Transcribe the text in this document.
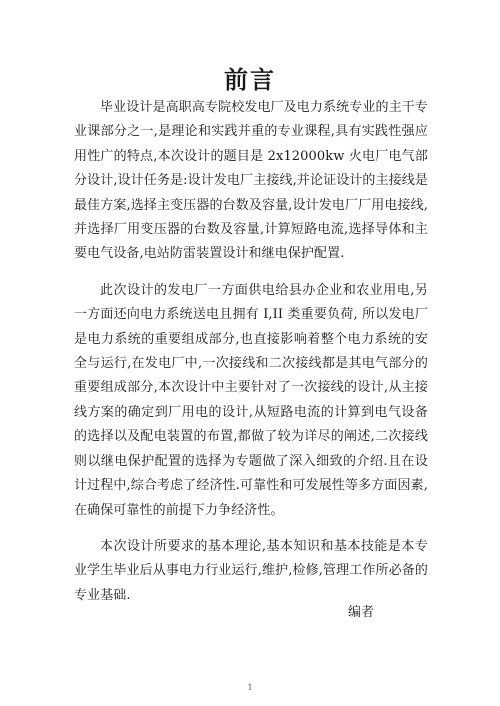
前言

毕业设计是高职高专院校发电厂及电力系统专业的主干专业课部分之一,是理论和实践并重的专业课程,具有实践性强应用性广的特点,本次设计的题目是 2x12000kw 火电厂电气部分设计,设计任务是:设计发电厂主接线,并论证设计的主接线是最佳方案,选择主变压器的台数及容量,设计发电厂厂用电接线,并选择厂用变压器的台数及容量,计算短路电流,选择导体和主要电气设备,电站防雷装置设计和继电保护配置.

此次设计的发电厂一方面供电给县办企业和农业用电,另一方面还向电力系统送电且拥有 I,II 类重要负荷, 所以发电厂是电力系统的重要组成部分,也直接影响着整个电力系统的安全与运行,在发电厂中,一次接线和二次接线都是其电气部分的重要组成部分,本次设计中主要针对了一次接线的设计,从主接线方案的确定到厂用电的设计,从短路电流的计算到电气设备的选择以及配电装置的布置,都做了较为详尽的阐述,二次接线则以继电保护配置的选择为专题做了深入细致的介绍.且在设计过程中,综合考虑了经济性.可靠性和可发展性等多方面因素,在确保可靠性的前提下力争经济性。

本次设计所要求的基本理论,基本知识和基本技能是本专业学生毕业后从事电力行业运行,维护,检修,管理工作所必备的专业基础.

编者
1
